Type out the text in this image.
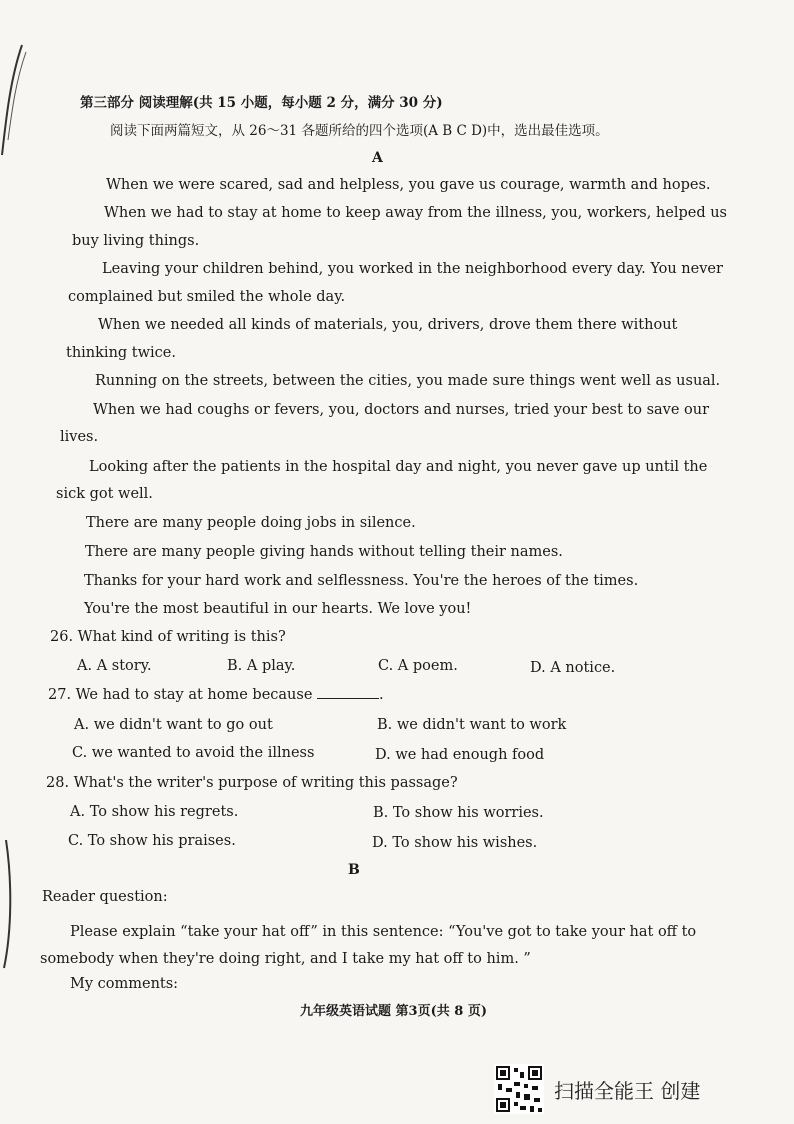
第三部分 阅读理解(共 15 小题，每小题 2 分，满分 30 分)
阅读下面两篇短文，从 26～31 各题所给的四个选项(A B C D)中，选出最佳选项。
A
When we were scared, sad and helpless, you gave us courage, warmth and hopes.
When we had to stay at home to keep away from the illness, you, workers, helped us
buy living things.
Leaving your children behind, you worked in the neighborhood every day. You never
complained but smiled the whole day.
When we needed all kinds of materials, you, drivers, drove them there without
thinking twice.
Running on the streets, between the cities, you made sure things went well as usual.
When we had coughs or fevers, you, doctors and nurses, tried your best to save our
lives.
Looking after the patients in the hospital day and night, you never gave up until the
sick got well.
There are many people doing jobs in silence.
There are many people giving hands without telling their names.
Thanks for your hard work and selflessness. You're the heroes of the times.
You're the most beautiful in our hearts. We love you!
26. What kind of writing is this?
A. A story.	B. A play.	C. A poem.	D. A notice.
27. We had to stay at home because	.
A. we didn't want to go out	B. we didn't want to work
C. we wanted to avoid the illness	D. we had enough food
28. What's the writer's purpose of writing this passage?
A. To show his regrets.	B. To show his worries.
C. To show his praises.	D. To show his wishes.
B
Reader question:
Please explain “take your hat off” in this sentence: “You've got to take your hat off to
somebody when they're doing right, and I take my hat off to him. ”
My comments:
九年级英语试题 第3页(共 8 页)
扫描全能王 创建
